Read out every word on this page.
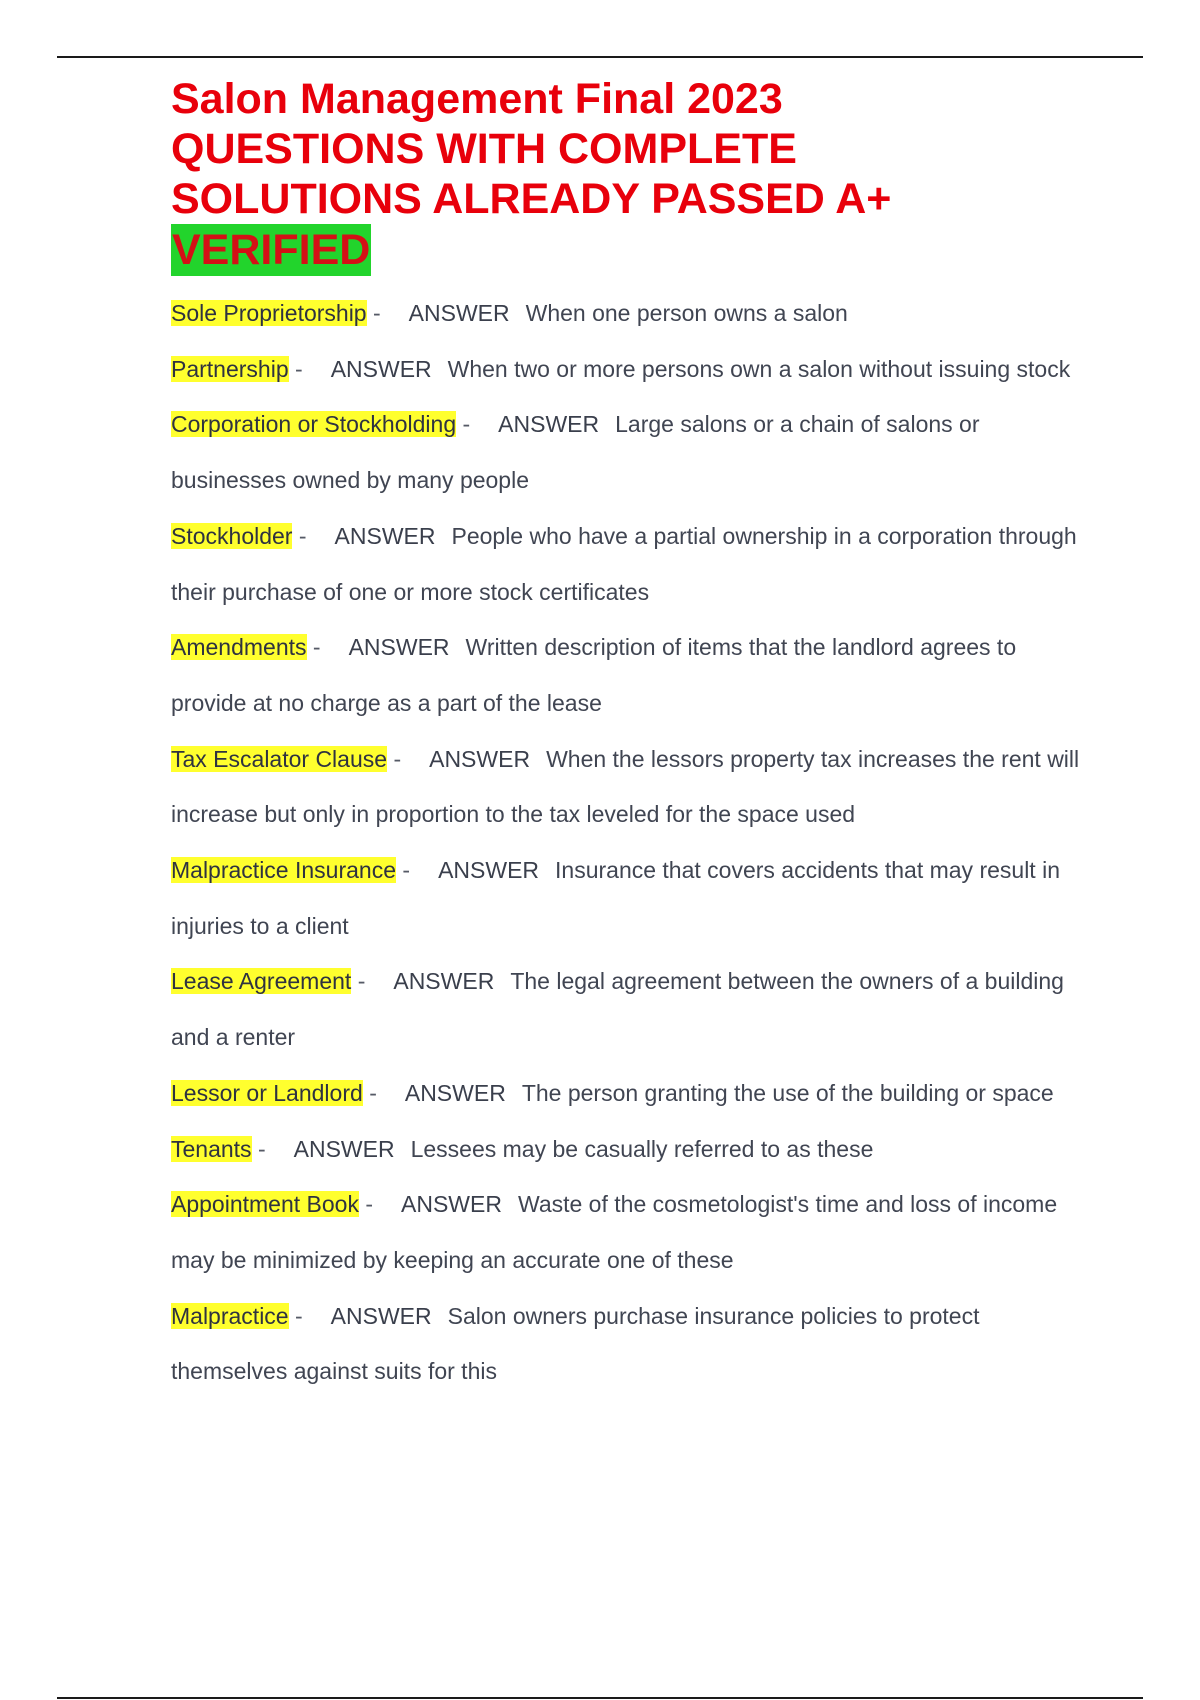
Salon Management Final 2023
QUESTIONS WITH COMPLETE
SOLUTIONS ALREADY PASSED A+
VERIFIED
Sole Proprietorship - ANSWER When one person owns a salon
Partnership - ANSWER When two or more persons own a salon without issuing stock
Corporation or Stockholding - ANSWER Large salons or a chain of salons or businesses owned by many people
Stockholder - ANSWER People who have a partial ownership in a corporation through their purchase of one or more stock certificates
Amendments - ANSWER Written description of items that the landlord agrees to provide at no charge as a part of the lease
Tax Escalator Clause - ANSWER When the lessors property tax increases the rent will increase but only in proportion to the tax leveled for the space used
Malpractice Insurance - ANSWER Insurance that covers accidents that may result in injuries to a client
Lease Agreement - ANSWER The legal agreement between the owners of a building and a renter
Lessor or Landlord - ANSWER The person granting the use of the building or space
Tenants - ANSWER Lessees may be casually referred to as these
Appointment Book - ANSWER Waste of the cosmetologist's time and loss of income may be minimized by keeping an accurate one of these
Malpractice - ANSWER Salon owners purchase insurance policies to protect themselves against suits for this
